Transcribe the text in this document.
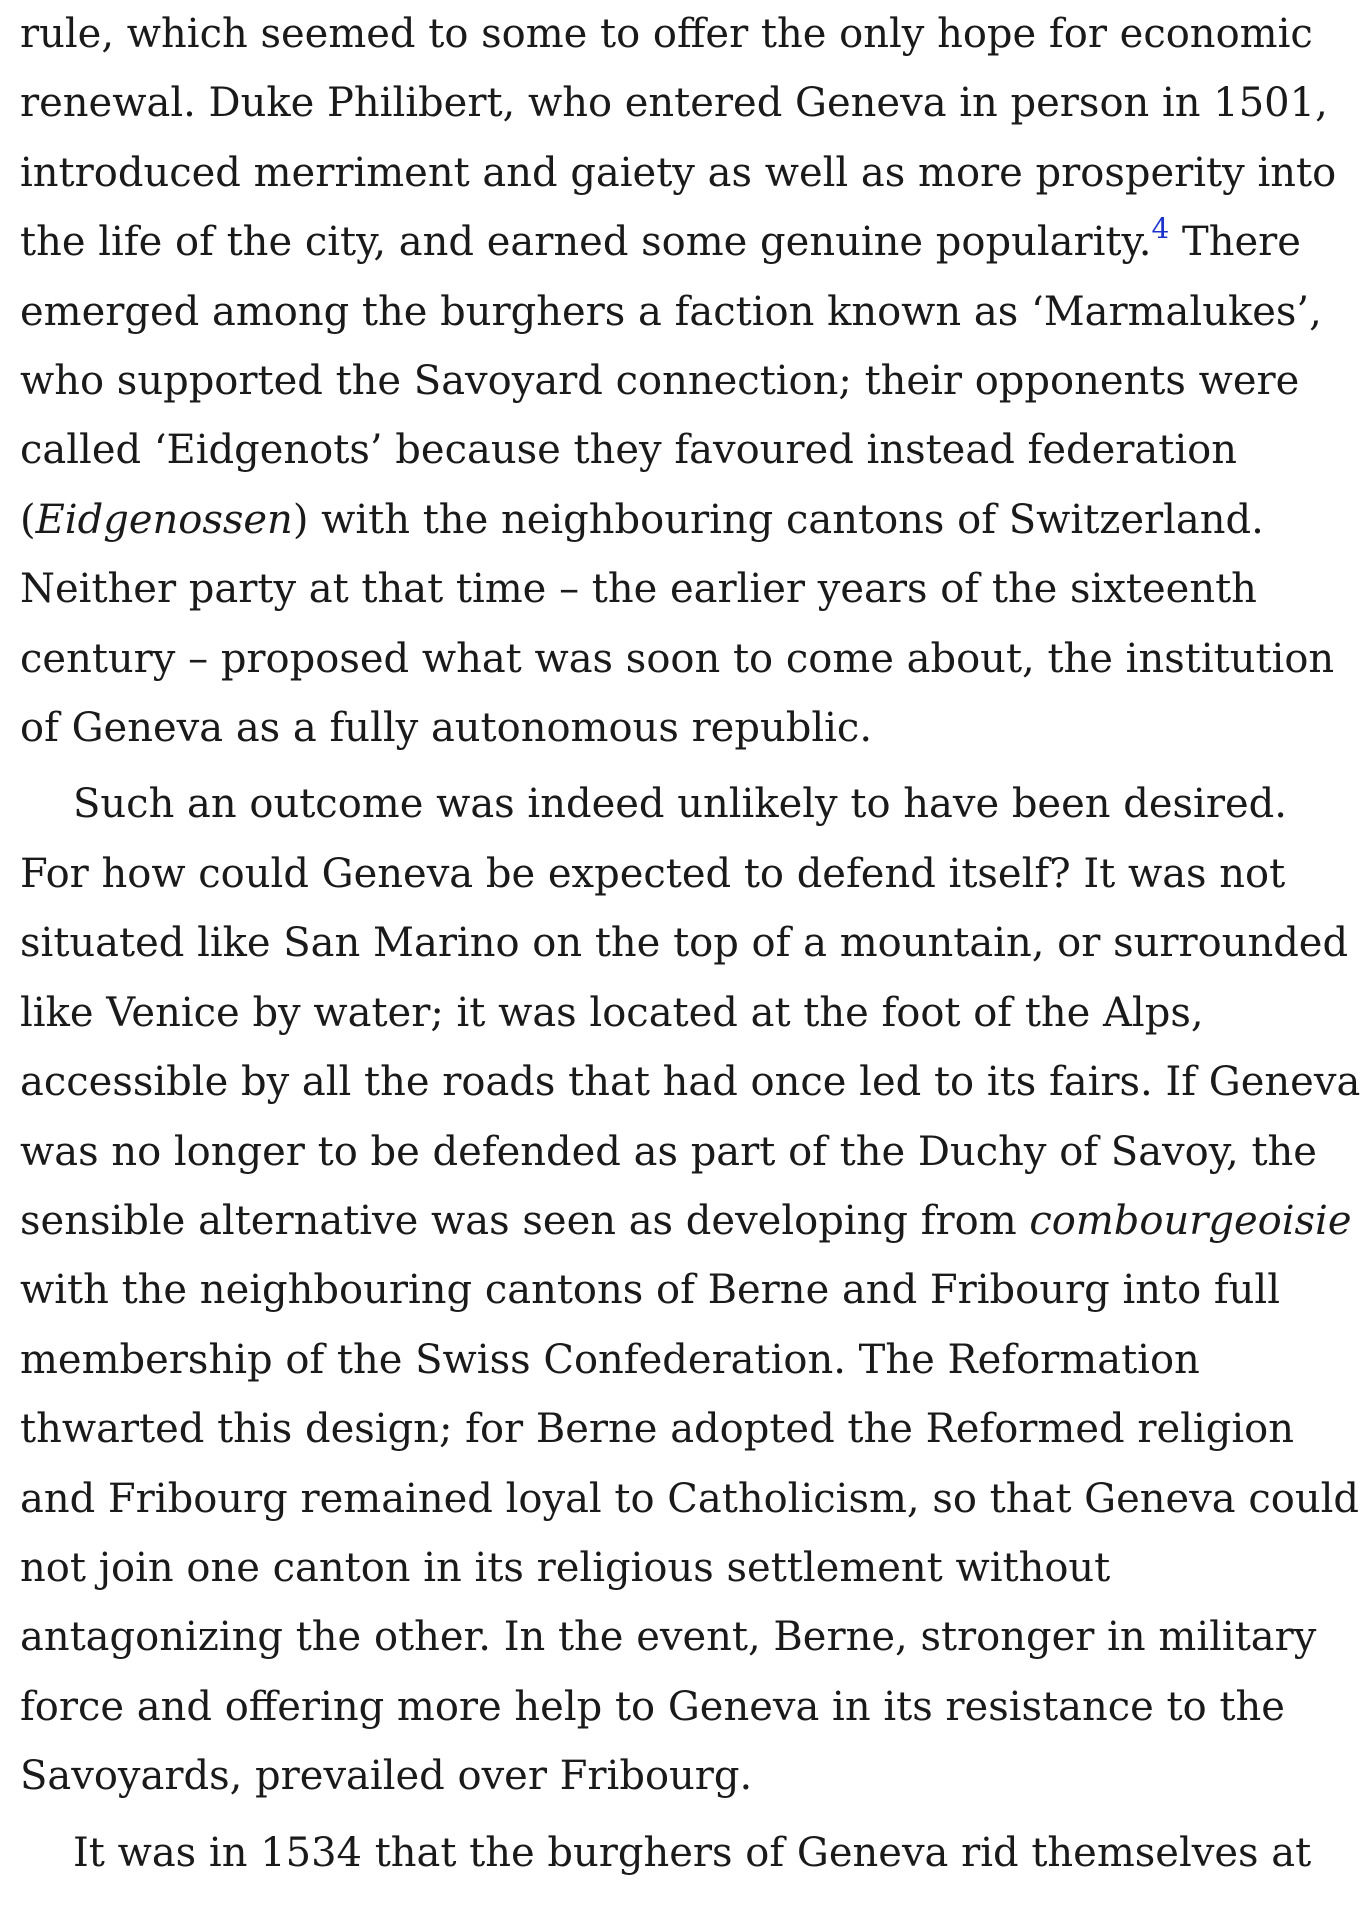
rule, which seemed to some to offer the only hope for economic
renewal. Duke Philibert, who entered Geneva in person in 1501,
introduced merriment and gaiety as well as more prosperity into
the life of the city, and earned some genuine popularity.$^4$ There
emerged among the burghers a faction known as ‘Marmalukes’,
who supported the Savoyard connection; their opponents were
called ‘Eidgenots’ because they favoured instead federation
(Eidgenossen) with the neighbouring cantons of Switzerland.
Neither party at that time – the earlier years of the sixteenth
century – proposed what was soon to come about, the institution
of Geneva as a fully autonomous republic.

Such an outcome was indeed unlikely to have been desired.
For how could Geneva be expected to defend itself? It was not
situated like San Marino on the top of a mountain, or surrounded
like Venice by water; it was located at the foot of the Alps,
accessible by all the roads that had once led to its fairs. If Geneva
was no longer to be defended as part of the Duchy of Savoy, the
sensible alternative was seen as developing from combourgeoisie
with the neighbouring cantons of Berne and Fribourg into full
membership of the Swiss Confederation. The Reformation
thwarted this design; for Berne adopted the Reformed religion
and Fribourg remained loyal to Catholicism, so that Geneva could
not join one canton in its religious settlement without
antagonizing the other. In the event, Berne, stronger in military
force and offering more help to Geneva in its resistance to the
Savoyards, prevailed over Fribourg.

It was in 1534 that the burghers of Geneva rid themselves at
